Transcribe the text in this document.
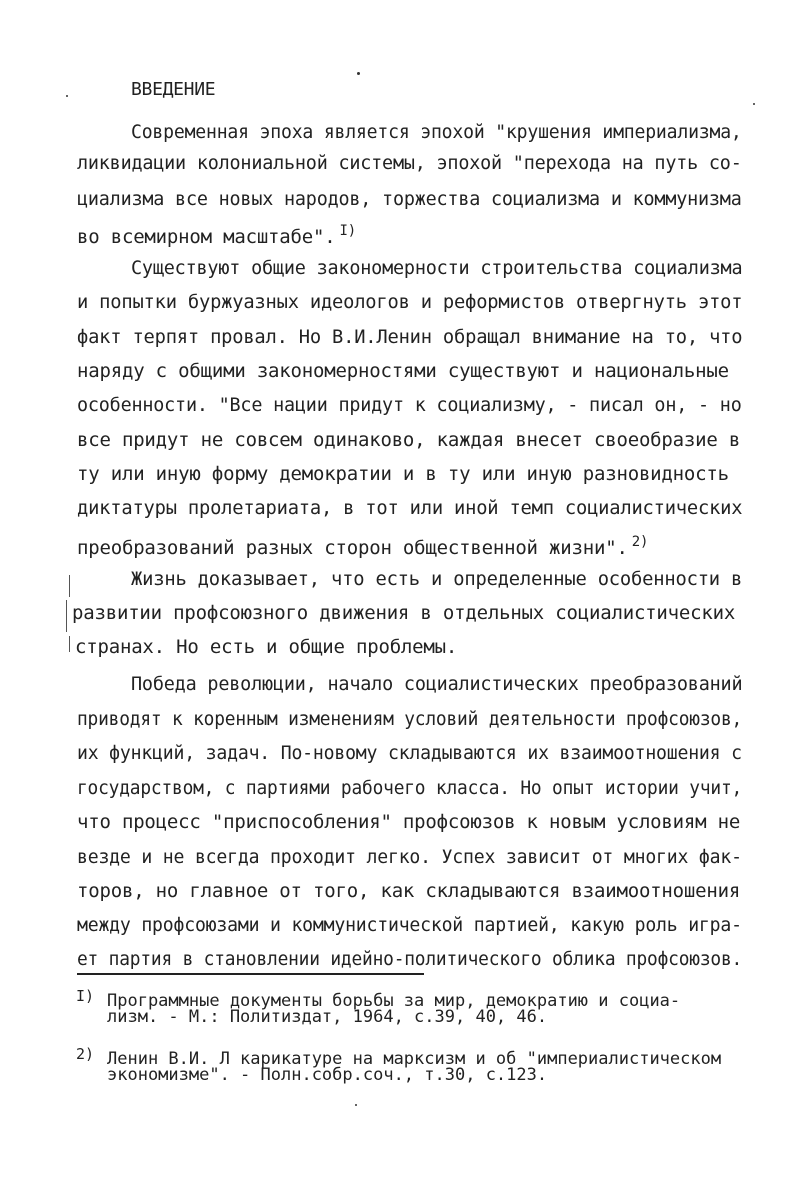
ВВЕДЕНИЕ
Современная эпоха является эпохой "крушения империализма,
ликвидации колониальной системы, эпохой "перехода на путь со-
циализма все новых народов, торжества социализма и коммунизма
во всемирном масштабе". $^{I)}$
Существуют общие закономерности строительства социализма
и попытки буржуазных идеологов и реформистов отвергнуть этот
факт терпят провал. Но В.И.Ленин обращал внимание на то, что
наряду с общими закономерностями существуют и национальные
особенности. "Все нации придут к социализму, - писал он, - но
все придут не совсем одинаково, каждая внесет своеобразие в
ту или иную форму демократии и в ту или иную разновидность
диктатуры пролетариата, в тот или иной темп социалистических
преобразований разных сторон общественной жизни". $^{2)}$
Жизнь доказывает, что есть и определенные особенности в
развитии профсоюзного движения в отдельных социалистических
странах. Но есть и общие проблемы.
Победа революции, начало социалистических преобразований
приводят к коренным изменениям условий деятельности профсоюзов,
их функций, задач. По-новому складываются их взаимоотношения с
государством, с партиями рабочего класса. Но опыт истории учит,
что процесс "приспособления" профсоюзов к новым условиям не
везде и не всегда проходит легко. Успех зависит от многих фак-
торов, но главное от того, как складываются взаимоотношения
между профсоюзами и коммунистической партией, какую роль игра-
ет партия в становлении идейно-политического облика профсоюзов.
I) Программные документы борьбы за мир, демократию и социа-
лизм. - М.: Политиздат, 1964, с.39, 40, 46.
2) Ленин В.И. Л карикатуре на марксизм и об "империалистическом
экономизме". - Полн.собр.соч., т.30, с.123.
